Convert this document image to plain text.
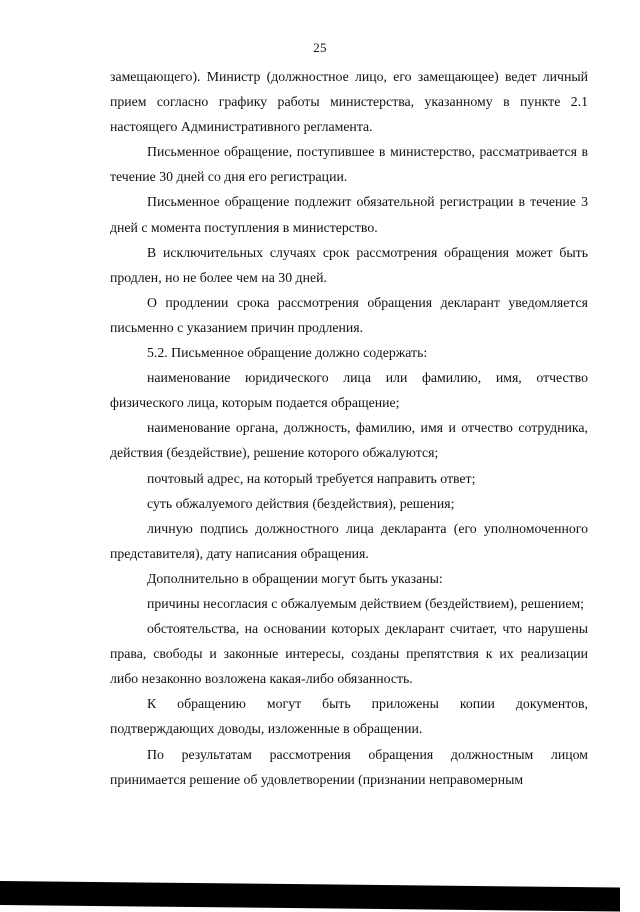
25

замещающего). Министр (должностное лицо, его замещающее) ведет личный прием согласно графику работы министерства, указанному в пункте 2.1 настоящего Административного регламента.

Письменное обращение, поступившее в министерство, рассматривается в течение 30 дней со дня его регистрации.

Письменное обращение подлежит обязательной регистрации в течение 3 дней с момента поступления в министерство.

В исключительных случаях срок рассмотрения обращения может быть продлен, но не более чем на 30 дней.

О продлении срока рассмотрения обращения декларант уведомляется письменно с указанием причин продления.

5.2. Письменное обращение должно содержать:

наименование юридического лица или фамилию, имя, отчество физического лица, которым подается обращение;

наименование органа, должность, фамилию, имя и отчество сотрудника, действия (бездействие), решение которого обжалуются;

почтовый адрес, на который требуется направить ответ;

суть обжалуемого действия (бездействия), решения;

личную подпись должностного лица декларанта (его уполномоченного представителя), дату написания обращения.

Дополнительно в обращении могут быть указаны:

причины несогласия с обжалуемым действием (бездействием), решением;

обстоятельства, на основании которых декларант считает, что нарушены права, свободы и законные интересы, созданы препятствия к их реализации либо незаконно возложена какая-либо обязанность.

К обращению могут быть приложены копии документов, подтверждающих доводы, изложенные в обращении.

По результатам рассмотрения обращения должностным лицом принимается решение об удовлетворении (признании неправомерным
